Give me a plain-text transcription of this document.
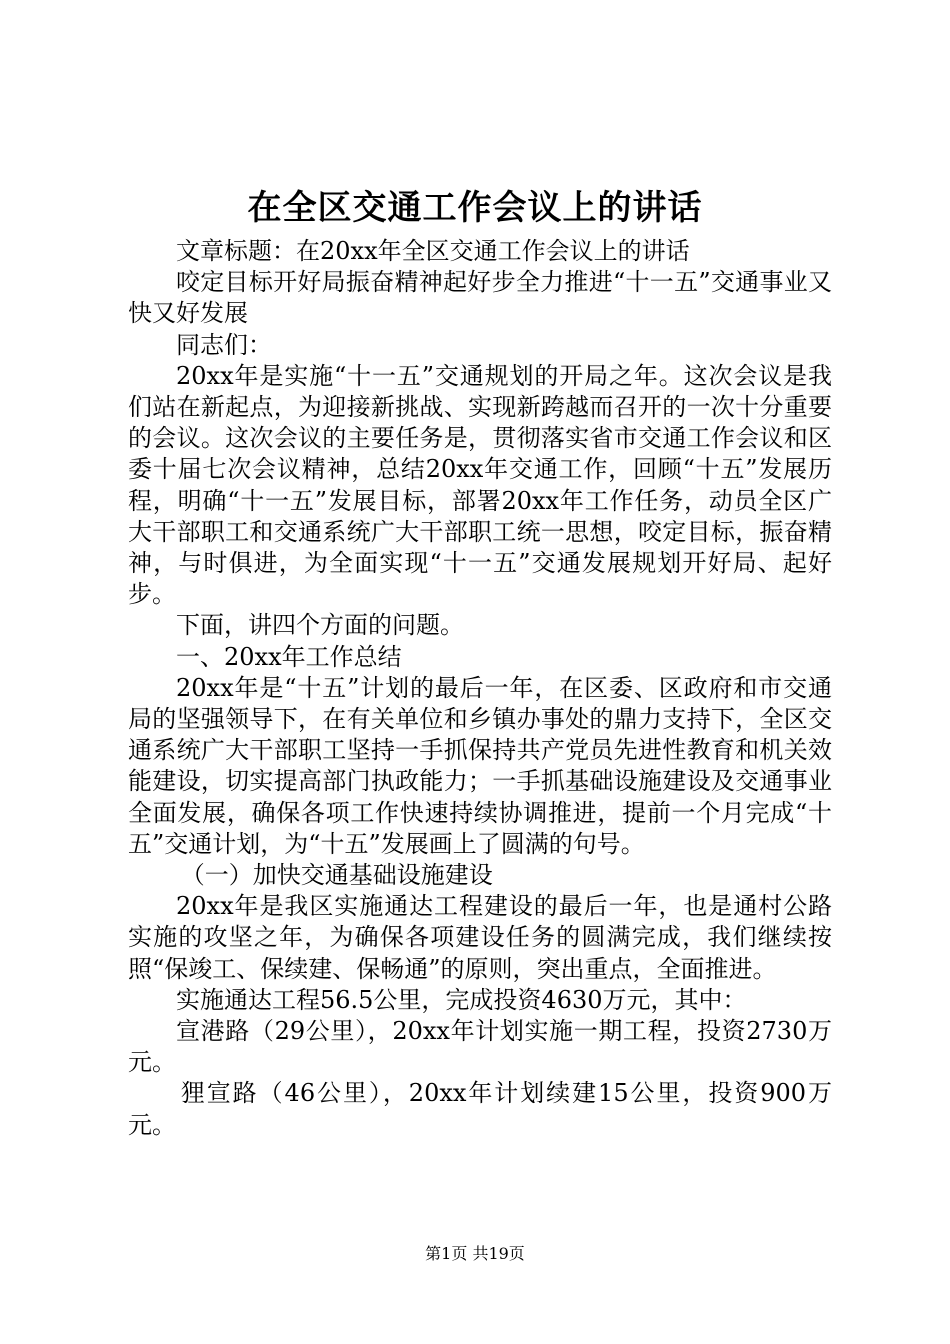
在全区交通工作会议上的讲话

文章标题：在20xx年全区交通工作会议上的讲话

咬定目标开好局振奋精神起好步全力推进“十一五”交通事业又快又好发展

同志们：

20xx年是实施“十一五”交通规划的开局之年。这次会议是我们站在新起点，为迎接新挑战、实现新跨越而召开的一次十分重要的会议。这次会议的主要任务是，贯彻落实省市交通工作会议和区委十届七次会议精神，总结20xx年交通工作，回顾“十五”发展历程，明确“十一五”发展目标，部署20xx年工作任务，动员全区广大干部职工和交通系统广大干部职工统一思想，咬定目标，振奋精神，与时俱进，为全面实现“十一五”交通发展规划开好局、起好步。

下面，讲四个方面的问题。

一、20xx年工作总结

20xx年是“十五”计划的最后一年，在区委、区政府和市交通局的坚强领导下，在有关单位和乡镇办事处的鼎力支持下，全区交通系统广大干部职工坚持一手抓保持共产党员先进性教育和机关效能建设，切实提高部门执政能力；一手抓基础设施建设及交通事业全面发展，确保各项工作快速持续协调推进，提前一个月完成“十五”交通计划，为“十五”发展画上了圆满的句号。

（一）加快交通基础设施建设

20xx年是我区实施通达工程建设的最后一年，也是通村公路实施的攻坚之年，为确保各项建设任务的圆满完成，我们继续按照“保竣工、保续建、保畅通”的原则，突出重点，全面推进。

实施通达工程56.5公里，完成投资4630万元，其中：

宣港路（29公里），20xx年计划实施一期工程，投资2730万元。

狸宣路（46公里），20xx年计划续建15公里，投资900万元。

第1页 共19页
